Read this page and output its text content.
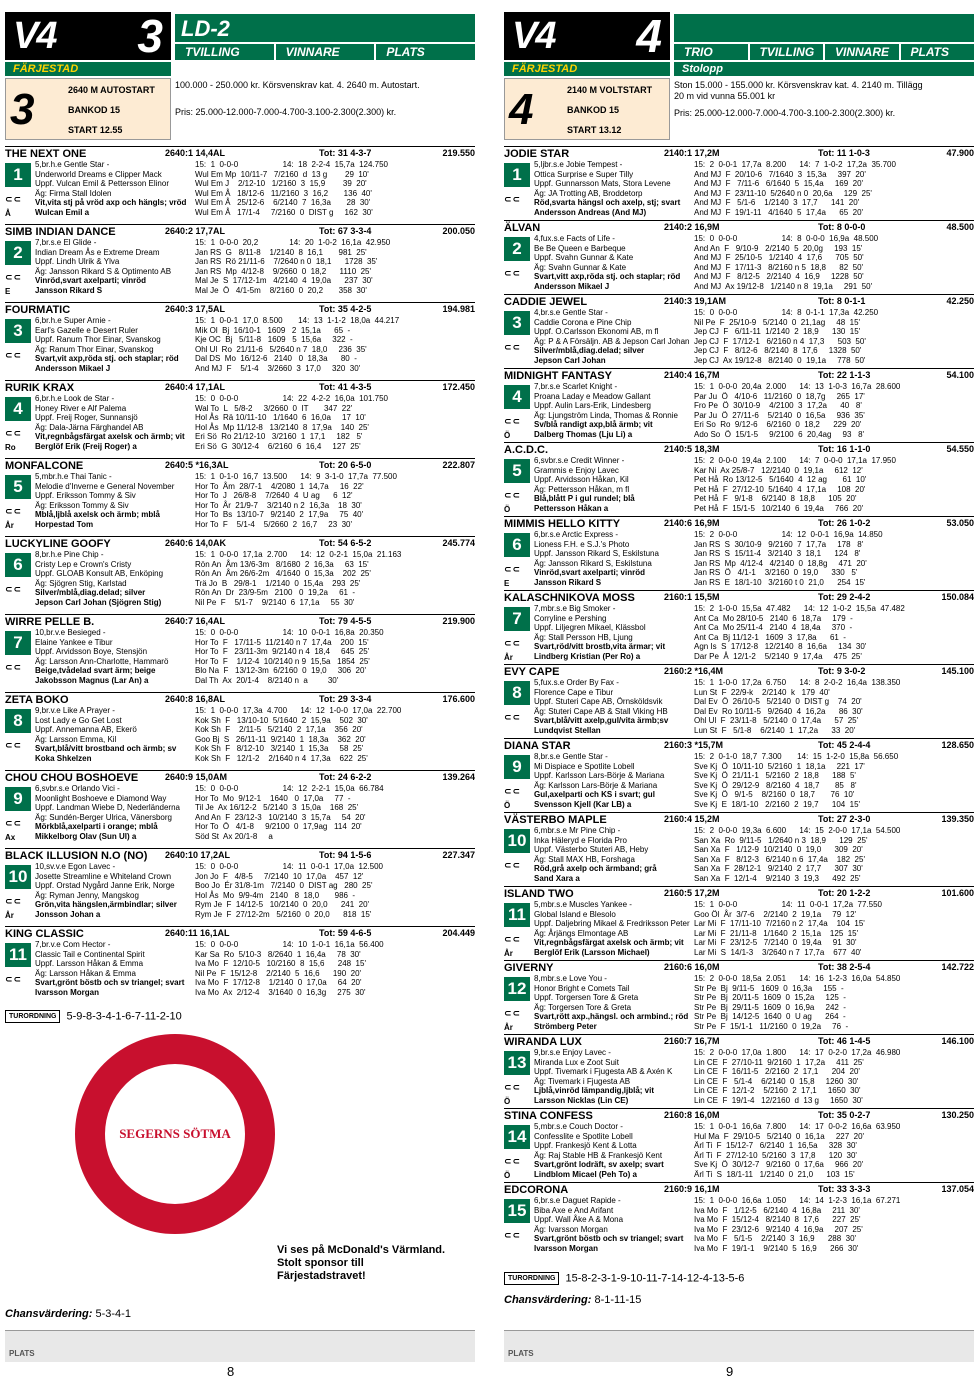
V4 3 LD-2
TVILLING	VINNARE	PLATS
FÄRJESTAD
3	2640 M AUTOSTART
BANKOD 15
START 12.55
100.000 - 250.000 kr. Körsvenskrav kat. 4. 2640 m. Autostart.
Pris: 25.000-12.000-7.000-4.700-3.100-2.300(2.300) kr.
THE NEXT ONE	2640:1 14,4AL	Tot: 31 4-3-7	219.550
1
5,br.h.e Gentle Star -
Underworld Dreams e Clipper Mack
Uppf. Vulcan Emil & Pettersson Elinor
Äg: Firma Stall Idolen
Vit,vita stj på vröd axp och hängls; vröd
Wulcan Emil a
15:  1  0-0-0                    14:  18  2-2-4  15,7a  124.750
Wul Em Mp  10/11-7   7/2160  d  13 g        29  10'
Wul Em J    2/12-10   1/2160  3  15,9        39  20'
Wul Em Å   18/12-6   11/2160  3  16,2       136  40'
Wul Em Å   25/12-6    6/2140  7  16,3a       28  30'
Wul Em Å   17/1-4     7/2160  0  DIST g     162  30'
⊂⊂
Å
SIMB INDIAN DANCE	2640:2 17,7AL	Tot: 67 3-3-4	200.050
2
7,br.s.e El Glide -
Indian Dream Ås e Extreme Dream
Uppf. Lindh Ulrik & Ylva
Äg: Jansson Rikard S & Optimento AB
Vinröd,svart axelparti; vinröd
Jansson Rikard S
15:  1  0-0-0  20,2              14:  20  1-0-2  16,1a  42.950
Jan RS  G   8/11-8    1/2140  8  16,1       981  25'
Jan RS  Rö 21/11-6    7/2640 n 0  18,1      1728  35'
Jan RS  Mp  4/12-8    9/2660  0  18,2      1110  25'
Mal Je  S  17/12-1m   4/2140  4  19,0a      237  30'
Mal Je  Ö   4/1-5m    8/2160  0  20,2       358  30'
⊂⊂
E
FOURMATIC	2640:3 17,5AL	Tot: 35 4-2-5	194.981
3
6,br.h.e Super Arnie -
Earl's Gazelle e Desert Ruler
Uppf. Ranum Thor Einar, Svanskog
Äg: Ranum Thor Einar, Svanskog
Svart,vit axp,röda stj. och staplar; röd
Andersson Mikael J
15:  1  0-0-1  17,0  8.500       14:  13  1-1-2  18,0a  44.217
Mik Ol  Bj  16/10-1   1609   2  15,1a      65  -
Kje OC  Bj   5/11-8   1609   5  15,6a     322  -
Ohl Ul  Ro  21/11-6   5/2640 n 7  18,0     236  35'
Dal DS  Mo  16/12-6   2140   0  18,3a      80  -
And MJ  F    5/1-4    3/2660  3  17,0     320  30'
⊂⊂
RURIK KRAX	2640:4 17,1AL	Tot: 41 4-3-5	172.450
4
6,br.h.e Look de Star -
Honey River e Alf Palema
Uppf. Freij Roger, Sunnansjö
Äg: Dala-Järna Färghandel AB
Vit,regnbågsfärgat axelsk och ärmb; vit
Berglöf Erik (Freij Roger) a
15:  0  0-0-0                    14:  22  4-2-2  16,0a  101.750
Wal To  L   5/8-2     3/2660  0  IT       347  22'
Hol Ås  Rä 10/11-10   1/1640  6  16,0a     17  10'
Hol Ås  Mp 11/12-8   13/2140  8  17,9a    140  25'
Eri Sö  Ro 21/12-10   3/2160  1  17,1     182   5'
Eri Sö  G  30/12-4    6/2160  6  16,4     127  25'
⊂⊂
Ro
MONFALCONE	2640:5 *16,3AL	Tot: 20 6-5-0	222.807
5
5,mbr.h.e Thai Tanic -
Melodie d'Inverne e General November
Uppf. Eriksson Tommy & Siv
Äg: Eriksson Tommy & Siv
Mblå,ljblå axelsk och ärmb; mblå
Horpestad Tom
15:  1  0-1-0  16,7  13.500      14:  9  3-1-0  17,7a  77.500
Hor To  Åm  28/7-1    4/2080  1  14,7a     16  22'
Hor To  J   26/8-8    7/2640  4  U ag      6  12'
Hor To  År  21/9-7    3/2140 n 2  16,3a    18  30'
Hor To  Bs  13/10-7   9/2140  2  17,9a     75  40'
Hor To  F    5/1-4    5/2660  2  16,7     23  30'
⊂⊂
År
LUCKYLINE GOOFY	2640:6 14,0AK	Tot: 54 6-5-2	245.774
6
8,br.h.e Pine Chip -
Cristy Lep e Crown's Cristy
Uppf. GLOAB Konsult AB, Enköping
Äg: Sjögren Stig, Karlstad
Silver/mblå,diag.delad; silver
Jepson Carl Johan (Sjögren Stig)
15:  1  0-0-0  17,1a  2.700      14:  12  0-2-1  15,0a  21.163
Rön An  Åm 13/6-3m   8/1680  2  16,3a     63  15'
Rön An  Åm 26/6-2m   4/1640  0  15,3a    202  25'
Trä Jo  B   29/8-1    1/2140  0  15,4a    293  25'
Rön An  Dr  23/9-5m   2100   0  19,2a     61  -
Nil Pe  F    5/1-7    9/2140  6  17,1a     55  30'
⊂⊂
WIRRE PELLE B.	2640:7 16,4AL	Tot: 79 4-5-5	219.900
7
10,br.v.e Besieged -
Elaine Yankee e Tibur
Uppf. Arvidsson Boye, Stensjön
Äg: Larsson Ann-Charlotte, Hammarö
Beige,tvådelad svart ärm; beige
Jakobsson Magnus (Lar An) a
15:  0  0-0-0                    14:  10  0-0-1  16,8a  20.350
Hor To  F   17/11-5  11/2140 n 7  17,4a    200  15'
Hor To  F   23/11-3m  9/2140 n 4  18,4     645  25'
Hor To  F    1/12-4  10/2140 n 9  15,5a   1854  25'
Blo Na  F   13/12-3m  6/2160  0  19,0     306  20'
Dal Th  Ax  20/1-4    8/2140 n  a         30'
⊂⊂
ZETA BOKO	2640:8 16,8AL	Tot: 29 3-3-4	176.600
8
9,br.v.e Like A Prayer -
Lost Lady e Go Get Lost
Uppf. Annemanna AB, Ekerö
Äg: Larsson Emma, Kil
Svart,blå/vitt brostband och ärmb; sv
Koka Shkelzen
15:  1  0-0-0  17,3a  4.700      14:  12  1-0-0  17,0a  22.700
Kok Sh  F   13/10-10  5/1640  2  15,9a    502  30'
Kok Sh  F    2/11-5   5/2140  2  17,1a    356  20'
Goo Bj  S   26/11-11  9/2140  1  18,3a    362  20'
Kok Sh  F   8/12-10   3/2140  1  15,3a     58  25'
Kok Sh  F   12/1-2    2/1640 n 4  17,3a    622  25'
⊂⊂
CHOU CHOU BOSHOEVE	2640:9 15,0AM	Tot: 24 6-2-2	139.264
9
6,svbr.s.e Orlando Vici -
Moonlight Boshoeve e Diamond Way
Uppf. Landman Wiebe D, Nederländerna
Äg: Sundén-Berger Ulrica, Vänersborg
Mörkblå,axelparti i orange; mblå
Mikkelborg Olav (Sun Ul) a
15:  0  0-0-0                    14:  12  2-2-1  15,0a  66.784
Hor To  Mo  9/12-1    1640   0  17,0a     77  -
Til Je  Ax 16/12-2   5/2140  3  15,0a    168  25'
And An  F  23/12-3   10/2140  3  15,7a     54  20'
Hor To  Ö   4/1-8     9/2100  0  17,9ag   114  20'
Söd St  Ax 20/1-8     a
⊂⊂
Ax
BLACK ILLUSION N.O (NO) 2640:10 17,2AL	Tot: 94 1-5-6	227.347
10
10,sv.v.e Egon Lavec -
Josette Streamline e Whiteland Crown
Uppf. Orstad Nygård Janne Erik, Norge
Äg: Ryman Jenny, Mangskog
Grön,vita hängslen,ärmbindlar; silver
Jonsson Johan a
15:  0  0-0-0                    14:  11  0-0-1  17,0a  12.500
Jon Jo  F   4/8-5     7/2140  10  17,0a    457  12'
Boo Jo  Ér 31/8-1m   7/2140  0  DIST ag   280  25'
Hol Ås  Mo  9/9-4m   2140   8  18,0       986  -
Rym Je  F  14/12-5   10/2140  0  20,0      241  20'
Rym Je  F  27/12-2m   5/2160  0  20,0      818  15'
⊂⊂
År
KING CLASSIC	2640:11 16,1AL	Tot: 59 4-6-5	204.449
11
7,br.v.e Com Hector -
Classic Tail e Continental Spirit
Uppf. Larsson Håkan & Emma
Äg: Larsson Håkan & Emma
Svart,grönt böstb och sv triangel; svart
Ivarsson Morgan
15:  0  0-0-0                    14:  10  1-0-1  16,1a  56.400
Kar Sa  Ro  5/10-3   8/2640  1  16,4a     78  30'
Iva Mo  F  12/10-5   10/2160  8  15,6      248  15'
Nil Pe  F  15/12-8    2/2140  5  16,6      190  20'
Iva Mo  F  17/12-8    1/2140  0  17,0a     64  20'
Iva Mo  Ax  2/12-4    3/1640  0  16,3g     275  30'
⊂⊂
TURORDNING 5-9-8-3-4-1-6-7-11-2-10
SEGERNS SÖTMA
Vi ses på McDonald's Värmland.
Stolt sponsor till Färjestadstravet!
Chansvärdering: 5-3-4-1
PLATS
8
V4 4	TRIO	TVILLING	VINNARE	PLATS
FÄRJESTAD	Stolopp
4	2140 M VOLTSTART
BANKOD 15
START 13.12
Ston 15.000 - 155.000 kr. Körsvenskrav kat. 4. 2140 m. Tillägg
20 m vid vunna 55.001 kr
Pris: 25.000-12.000-7.000-4.700-3.100-2.300(2.300) kr.
JODIE STAR	2140:1 17,2M	Tot: 11 1-0-3	47.900
1
5,ljbr.s.e Jobie Tempest -
Ottica Surprise e Super Tilly
Uppf. Gunnarsson Mats, Stora Levene
Äg: JA Trotting AB, Broddetorp
Röd,svarta hängsl och axelp, stj; svart
Andersson Andreas (And MJ)
15:  2  0-0-1  17,7a  8.200      14:  7  1-0-2  17,2a  35.700
And MJ  F  20/10-6   7/1640  3  15,3a     397  20'
And MJ  F   7/11-6   6/1640  5  15,4a     169  20'
And MJ  F  23/11-10  5/2640 n 0  20,6a     129  25'
And MJ  F   5/1-6    1/2140  3  17,7      141  20'
And MJ  F  19/1-11   4/1640  5  17,4a      65  20'
⊂⊂
ÄLVAN	2140:2 16,9M	Tot: 8 0-0-0	48.500
2
4,fux.s.e Facts of Life -
Be Be Queen e Barbeque
Uppf. Svahn Gunnar & Kate
Äg: Svahn Gunnar & Kate
Svart,vitt axp,röda stj. och staplar; röd
Andersson Mikael J
15:  0  0-0-0                    14:  8  0-0-0  16,9a  48.500
And An  F   9/10-9   2/2140  5  20,0g     193  15'
And MJ  F  25/10-5   1/2140  4  17,6      705  50'
And MJ  F  17/11-3   8/2160 n 5  18,8      82  50'
And MJ  F   8/12-5   2/2140  4  16,9     1228  50'
And MJ  Ax 19/12-8   1/2140 n 8  19,1a     291  50'
⊂⊂
CADDIE JEWEL	2140:3 19,1AM	Tot: 8 0-1-1	42.250
3
4,br.s.e Gentle Star -
Caddie Corona e Pine Chip
Uppf. O.Carlsson Ekonomi AB, m fl
Äg: P & A Försäljn. AB & Jepson Carl Johan
Silver/mblå,diag.delad; silver
Jepson Carl Johan
15:  0  0-0-0                    14:  8  0-1-1  17,3a  42.250
Nil Pe  F  25/10-9   5/2140  0  21,1ag     48  15'
Jep CJ  F   6/11-11  1/2140  2  18,9      130  15'
Jep CJ  F  17/12-1   6/2160 n 4  17,3      503  50'
Jep CJ  F   8/12-6   8/2140  8  17,6     1328  50'
Jep CJ  Ax 19/12-8   8/2140  0  19,1a     778  50'
⊂⊂
MIDNIGHT FANTASY	2140:4 16,7M	Tot: 22 1-1-3	54.100
4
7,br.s.e Scarlet Knight -
Proana Laday e Meadow Gallant
Uppf. Aulin Lars-Erik, Lindesberg
Äg: Ljungström Linda, Thomas & Ronnie
Sv/blå randigt axp,blå ärmb; vit
Dalberg Thomas (Lju Li) a
15:  1  0-0-0  20,4a  2.000      14:  13  1-0-3  16,7a  28.600
Par Ju  Ö   4/10-6   11/2160  0  18,7g     265  17'
Fro Pe  Ö  30/10-9    4/2100  3  17,2a      40   8'
Par Ju  Ö  27/11-6    5/2140  0  16,5a     936  35'
Eri So  Ro  9/12-6    6/2160  0  18,2      229  20'
Ado So  Ö  15/1-5     9/2100  6  20,4ag     93   8'
⊂⊂
Ö
A.C.D.C.	2140:5 18,3M	Tot: 16 1-1-0	54.550
5
6,svbr.s.e Credit Winner -
Grammis e Enjoy Lavec
Uppf. Arvidsson Håkan, Kil
Äg: Pettersson Håkan, m fl
Blå,blått P i gul rundel; blå
Pettersson Håkan a
15:  2  0-0-0  19,4a  2.100      14:  7  0-0-0  17,1a  17.950
Kar Ni  Ax 25/8-7   12/2140  0  19,1a     612  12'
Pet Hå  Ro 13/12-5   5/1640  4  12 ag       61  10'
Pet Hå  F  27/12-10  5/1640  4  17,1a     108  20'
Pet Hå  F   9/1-8    6/2140  8  18,8      105  20'
Pet Hå  F  15/1-5   10/2140  6  19,4a     766  20'
⊂⊂
Ö
MIMMIS HELLO KITTY	2140:6 16,9M	Tot: 26 1-0-2	53.050
6
6,br.s.e Arctic Express -
Lioness F.H. e S.J.'s Photo
Uppf. Jansson Rikard S, Eskilstuna
Äg: Jansson Rikard S, Eskilstuna
Vinröd,svart axelparti; vinröd
Jansson Rikard S
15:  2  0-0-0                    14:  12  0-0-1  16,9a  14.850
Jan RS  S  30/10-9   9/2160  7  17,7a     178   8'
Jan RS  S  15/11-4   3/2140  3  18,1      124   8'
Jan RS  Mp  4/12-4   4/2140  0  18,8g     471  20'
Jan RS  Ö   4/1-1    3/2160  0  19,0      330   5'
Jan RS  E  18/1-10   3/2160 t 0  21,0      254  15'
⊂⊂
E
KALASCHNIKOVA MOSS	2160:1 15,5M	Tot: 29 2-4-2	150.084
7
7,mbr.s.e Big Smoker -
Corryline e Pershing
Uppf. Liljegren Mikael, Klässbol
Äg: Stall Persson HB, Ljung
Svart,röd/vitt brostb,vita ärmar; vit
Lindberg Kristian (Per Ro) a
15:  2  1-0-0  15,5a  47.482      14:  12  1-0-2  15,5a  47.482
Ant Ca  Mo 28/10-5   2140  6  18,7a     179  -
Ant Ca  Mo 25/11-4   2140  4  18,4a     370  -
Ant Ca  Bj 11/12-1   1609  3  17,8a      61  -
Agn Is  S  17/12-8   12/2140  8  16,6a     134  30'
Dar Pe  Å  12/1-2    5/2140  9  17,4a     475  25'
⊂⊂
År
EVY CAPE	2160:2 *16,4M	Tot: 9 3-0-2	145.100
8
5,fux.s.e Order By Fax -
Florence Cape e Tibur
Uppf. Stuteri Cape AB, Örnsköldsvik
Äg: Stuteri Cape AB & Stall Viking HB
Svart,blå/vitt axelp,gul/vita ärmb;sv
Lundqvist Stellan
15:  1  1-0-0  17,2a  6.750      14:  8  2-0-2  16,4a  138.350
Lun St  F  22/9-k    2/2140  k   179  40'
Dal Ev  Ö  26/10-5   5/2140  0  DIST g    74  20'
Dal Ev  Ro 10/11-5   9/2640  4  16,2a      86  30'
Ohl Ul  F  23/11-8   5/2140  0  17,4a      57  25'
Lun St  F   5/1-8    6/2140  1  17,2a      33  20'
⊂⊂
DIANA STAR	2160:3 *15,7M	Tot: 45 2-4-4	128.650
9
8,br.s.e Gentle Star -
Mi Dispiace e Spotlite Lobell
Uppf. Karlsson Lars-Börje & Mariana
Äg: Karlsson Lars-Börje & Mariana
Gul,axelparti och KS i svart; gul
Svensson Kjell (Kar LB) a
15:  2  0-1-0  18,7  7.300       14:  15  1-2-0  15,8a  56.650
Sve Kj  Ö  10/11-10  5/2160  1  18,1a     221  17'
Sve Kj  Ö  21/11-1   5/2160  2  18,8      188  5'
Sve Kj  Ö  29/12-9   8/2160  4  18,7       85   8'
Sve Kj  Ö   9/1-5    8/2160  0  18,7       76  10'
Sve Kj  E  18/1-10   2/2160  2  19,7      104  15'
⊂⊂
Ö
VÄSTERBO MAPLE	2160:4 15,2M	Tot: 27 2-3-0	139.350
10
6,mbr.s.e Mr Pine Chip -
Inka Häleryd e Florida Pro
Uppf. Västerbo Stuteri AB, Heby
Äg: Stall MAX HB, Forshaga
Röd,grå axelp och ärmband; grå
Sand Xara a
15:  2  0-0-0  19,3a  6.600      14:  15  2-0-0  17,1a  54.500
San Xa  Ro  9/11-5   1/2640 n 3  18,9      129  25'
San Xa  F   1/12-9  10/2140  0  19,0      309  20'
San Xa  F   8/12-3   6/2140 n 6  17,4a    182  25'
San Xa  F  28/12-1   9/2140  2  17,7      307  30'
San Xa  F  12/1-4    9/2140  3  19,3      492  25'
⊂⊂
ISLAND TWO	2160:5 17,2M	Tot: 20 1-2-2	101.600
11
5,mbr.s.e Muscles Yankee -
Global Island e Blesolo
Uppf. Daljebring Mikael & Fredriksson Peter
Äg: Årjängs Elmontage AB
Vit,regnbågsfärgat axelsk och ärmb; vit
Berglöf Erik (Larsson Michael)
15:  1  0-0-0                    14:  11  0-0-1  17,2a  77.550
Goo Öl  År  3/7-6    2/2140  2  19,1a     79  12'
Lar Mi  F  17/11-10  7/2160 n 2  17,4a    104  15'
Lar Mi  F  21/11-8   1/1640  2  15,1a    125  15'
Lar Mi  F  23/12-5   7/2140  0  19,4a     91  30'
Lar Mi  S  14/1-3    3/2640 n 7  17,7a    677  40'
⊂⊂
År
GIVERNY	2160:6 16,0M	Tot: 38 2-5-4	142.722
12
8,mbr.s.e Love You -
Honor Bright e Comets Tail
Uppf. Torgersen Tore & Greta
Äg: Torgersen Tore & Greta
Svart,rött axp.,hängsl. och armbind.; röd
Strömberg Peter
15:  2  0-0-0  18,5a  2.051      14:  16  1-2-3  16,0a  54.850
Str Pe  Bj  9/11-5   1609  0  16,3a     155  -
Str Pe  Bj  20/11-5  1609  0  15,2a     125  -
Str Pe  Bj  29/11-5  1609  0  16,9a     242  -
Str Pe  Bj  14/12-5  1640  0  U ag      264  -
Str Pe  F  15/1-1   11/2160  0  19,2a     76  -
⊂⊂
År
WIRANDA LUX	2160:7 16,7M	Tot: 46 1-4-5	146.100
13
9,br.s.e Enjoy Lavec -
Miranda Lux e Zoot Suit
Uppf. Tivemark i Fjugesta AB & Axén K
Äg: Tivemark i Fjugesta AB
Ljblå,vinröd lämpandig,ljblå; vit
Larsson Nicklas (Lin CE)
15:  2  0-0-0  17,0a  1.800      14:  17  0-2-0  17,2a  46.980
Lin CE  F  27/10-11  9/2160  1  17,2a     411  25'
Lin CE  F  16/11-5   2/2160  2  17,1      204  20'
Lin CE  F   5/1-4    6/2140  0  15,8     1260  30'
Lin CE  F  12/1-2    5/2160  2  17,1     1650  30'
Lin CE  F  19/1-4   12/2160  d  13 g     1650  30'
⊂⊂
Ö
STINA CONFESS	2160:8 16,0M	Tot: 35 0-2-7	130.250
14
5,mbr.s.e Couch Doctor -
Confesslite e Spotlite Lobell
Uppf. Frankesjö Kent & Lotta
Äg: Raj Stable HB & Frankesjö Kent
Svart,grönt lodräft, sv axelp; svart
Lindblom Micael (Peh To) a
15:  1  0-0-1  16,6a  7.800      14:  17  0-0-2  16,6a  63.950
Hul Ma  F  29/10-5   5/2140  0  16,1a     227  20'
Ärl Ti  F  15/12-7   6/2140  1  16,5a     328  30'
Ärl Ti  F  27/12-10  5/2160  3  17,8      120  30'
Sve Kj  Ö  30/12-7   9/2160  0  17,6a     966  20'
Ärl Ti  S  18/1-11   1/2140  0  21,0      103  15'
⊂⊂
Ö
EDCORONA	2160:9 16,1M	Tot: 33 3-3-3	137.054
15
6,br.s.e Daguet Rapide -
Biba Axe e And Arifant
Uppf. Wall Åke A & Mona
Äg: Ivarsson Morgan
Svart,grönt böstb och sv triangel; svart
Ivarsson Morgan
15:  1  0-0-0  16,6a  1.050      14:  14  1-2-3  16,1a  67.271
Iva Mo  F   1/12-5   6/2140  4  16,8a     211  30'
Iva Mo  F  15/12-4   8/2140  8  17,6      227  25'
Iva Mo  F  23/12-6   9/2140  4  16,9a     207  25'
Iva Mo  F   5/1-5    2/2140  3  16,9      288  30'
Iva Mo  F  19/1-1    9/2140  5  16,9      266  30'
⊂⊂
TURORDNING 15-8-2-3-1-9-10-11-7-14-12-4-13-5-6
Chansvärdering: 8-1-11-15
PLATS
9
